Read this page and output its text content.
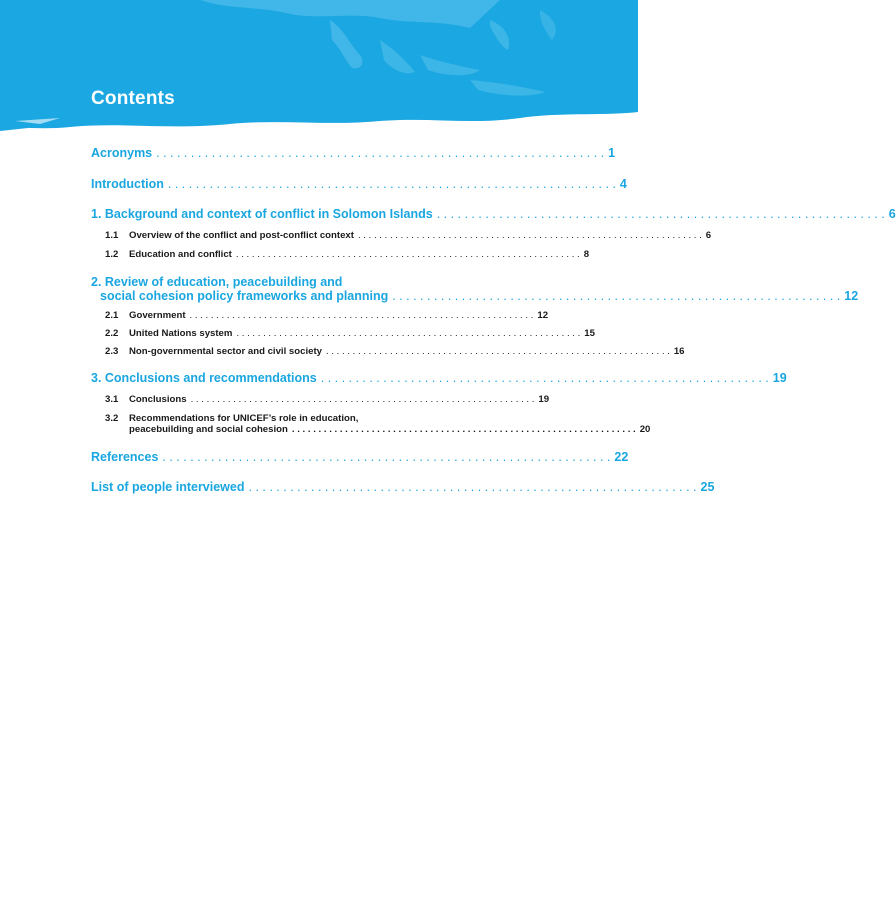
Contents
Acronyms . . . . . . . . . . . . . . . . . . . . . . . . . . . . . . . . . . . . . . . . . . . . . . . . . . . . . . . . . . . . . . . . . 1
Introduction . . . . . . . . . . . . . . . . . . . . . . . . . . . . . . . . . . . . . . . . . . . . . . . . . . . . . . . . . . . . . . . . . 4
1. Background and context of conflict in Solomon Islands . . . . . . . . . . . . . . . . . . . . . . . . . . . . . . . . . . . . . . . . . . . . . . . . . . . . . . . . . . . . . . . . . 6
1.1 Overview of the conflict and post-conflict context . . . . . . . . . . . . . . . . . . . . . . . . . . . . . . . . . . . . . . . . . . . . . . . . . . . . . . . . . . . . . . . . . 6
1.2 Education and conflict . . . . . . . . . . . . . . . . . . . . . . . . . . . . . . . . . . . . . . . . . . . . . . . . . . . . . . . . . . . . . . . . . 8
2. Review of education, peacebuilding and
social cohesion policy frameworks and planning . . . . . . . . . . . . . . . . . . . . . . . . . . . . . . . . . . . . . . . . . . . . . . . . . . . . . . . . . . . . . . . . . 12
2.1 Government . . . . . . . . . . . . . . . . . . . . . . . . . . . . . . . . . . . . . . . . . . . . . . . . . . . . . . . . . . . . . . . . . 12
2.2 United Nations system . . . . . . . . . . . . . . . . . . . . . . . . . . . . . . . . . . . . . . . . . . . . . . . . . . . . . . . . . . . . . . . . . 15
2.3 Non-governmental sector and civil society . . . . . . . . . . . . . . . . . . . . . . . . . . . . . . . . . . . . . . . . . . . . . . . . . . . . . . . . . . . . . . . . . 16
3. Conclusions and recommendations . . . . . . . . . . . . . . . . . . . . . . . . . . . . . . . . . . . . . . . . . . . . . . . . . . . . . . . . . . . . . . . . . 19
3.1 Conclusions . . . . . . . . . . . . . . . . . . . . . . . . . . . . . . . . . . . . . . . . . . . . . . . . . . . . . . . . . . . . . . . . . 19
3.2 Recommendations for UNICEF’s role in education,
peacebuilding and social cohesion . . . . . . . . . . . . . . . . . . . . . . . . . . . . . . . . . . . . . . . . . . . . . . . . . . . . . . . . . . . . . . . . . 20
References . . . . . . . . . . . . . . . . . . . . . . . . . . . . . . . . . . . . . . . . . . . . . . . . . . . . . . . . . . . . . . . . . 22
List of people interviewed . . . . . . . . . . . . . . . . . . . . . . . . . . . . . . . . . . . . . . . . . . . . . . . . . . . . . . . . . . . . . . . . . 25
